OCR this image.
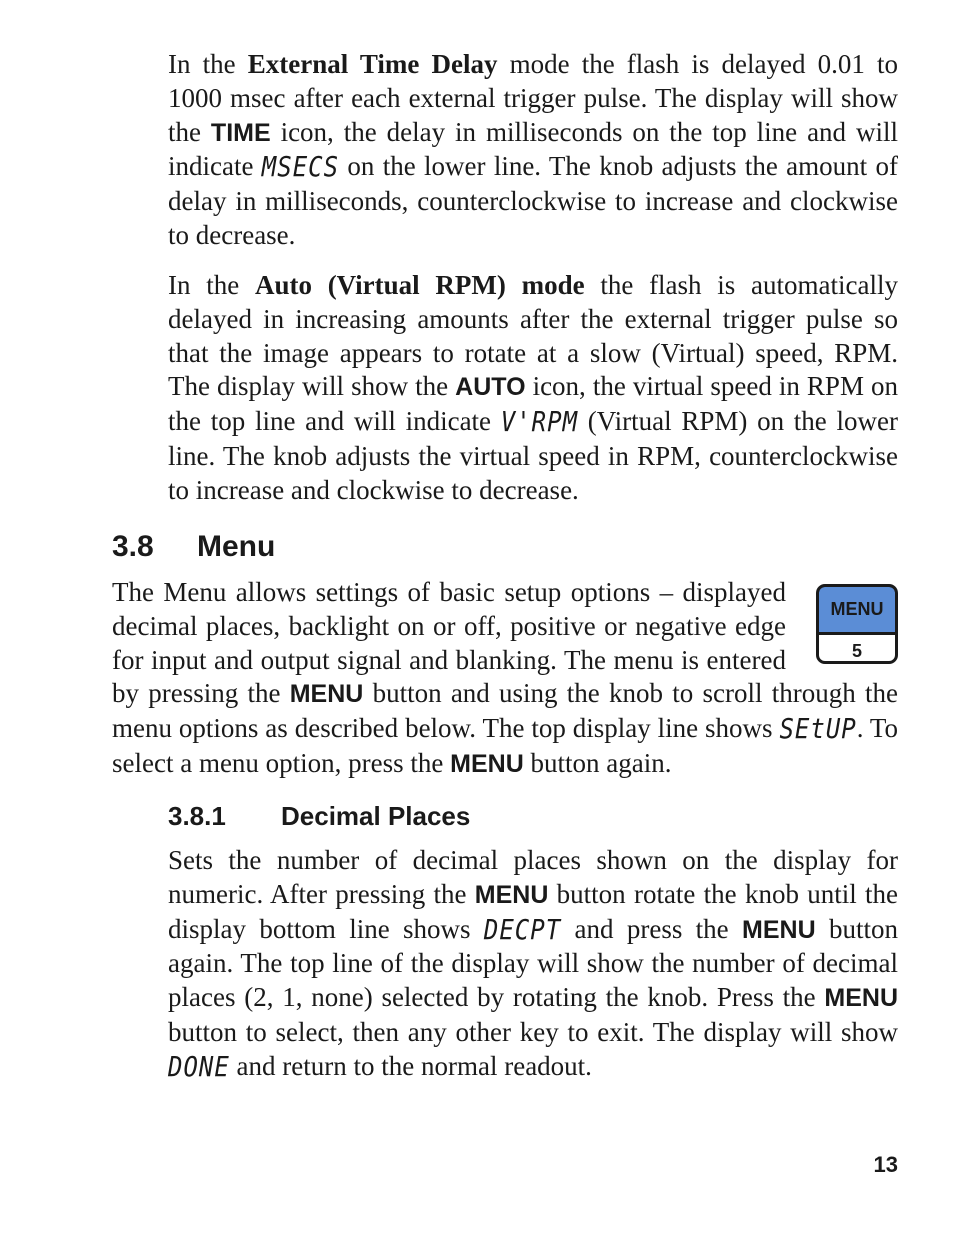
In the External Time Delay mode the flash is delayed 0.01 to 1000 msec after each external trigger pulse. The display will show the TIME icon, the delay in milliseconds on the top line and will indicate MSECS on the lower line. The knob adjusts the amount of delay in milliseconds, counterclockwise to increase and clockwise to decrease.

In the Auto (Virtual RPM) mode the flash is automatically delayed in increasing amounts after the external trigger pulse so that the image appears to rotate at a slow (Virtual) speed, RPM. The display will show the AUTO icon, the virtual speed in RPM on the top line and will indicate V'RPM (Virtual RPM) on the lower line. The knob adjusts the virtual speed in RPM, counterclockwise to increase and clockwise to decrease.

3.8 Menu
MENU
5
The Menu allows settings of basic setup options – displayed decimal places, backlight on or off, positive or negative edge for input and output signal and blanking. The menu is entered by pressing the MENU button and using the knob to scroll through the menu options as described below. The top display line shows SEtUP. To select a menu option, press the MENU button again.
3.8.1 Decimal Places

Sets the number of decimal places shown on the display for numeric. After pressing the MENU button rotate the knob until the display bottom line shows DECPT and press the MENU button again. The top line of the display will show the number of decimal places (2, 1, none) selected by rotating the knob. Press the MENU button to select, then any other key to exit. The display will show DONE and return to the normal readout.

13
